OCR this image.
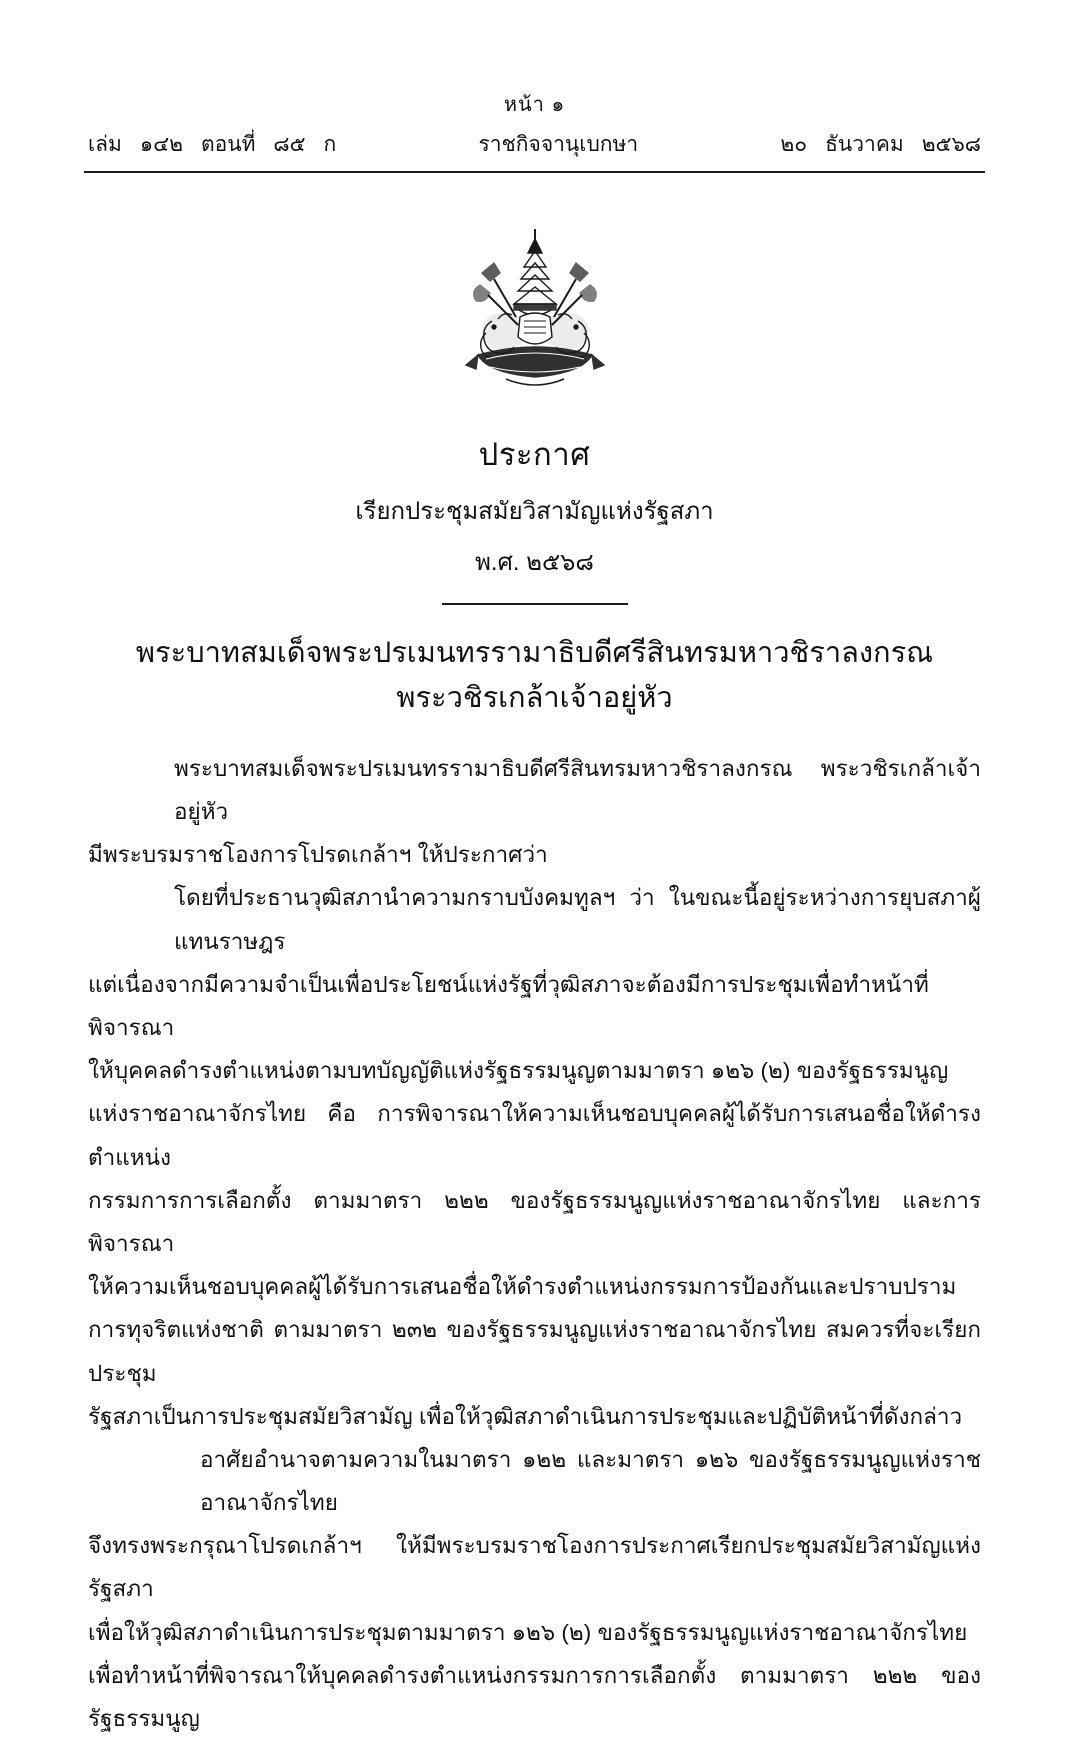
หน้า ๑
เล่ม ๑๔๒ ตอนที่ ๘๕ ก	ราชกิจจานุเบกษา	๒๐ ธันวาคม ๒๕๖๘
ประกาศ
เรียกประชุมสมัยวิสามัญแห่งรัฐสภา
พ.ศ. ๒๕๖๘
พระบาทสมเด็จพระปรเมนทรรามาธิบดีศรีสินทรมหาวชิราลงกรณ
พระวชิรเกล้าเจ้าอยู่หัว

พระบาทสมเด็จพระปรเมนทรรามาธิบดีศรีสินทรมหาวชิราลงกรณ พระวชิรเกล้าเจ้าอยู่หัว
มีพระบรมราชโองการโปรดเกล้าฯ ให้ประกาศว่า

โดยที่ประธานวุฒิสภานำความกราบบังคมทูลฯ ว่า ในขณะนี้อยู่ระหว่างการยุบสภาผู้แทนราษฎร
แต่เนื่องจากมีความจำเป็นเพื่อประโยชน์แห่งรัฐที่วุฒิสภาจะต้องมีการประชุมเพื่อทำหน้าที่พิจารณา
ให้บุคคลดำรงตำแหน่งตามบทบัญญัติแห่งรัฐธรรมนูญตามมาตรา ๑๒๖ (๒) ของรัฐธรรมนูญ
แห่งราชอาณาจักรไทย คือ การพิจารณาให้ความเห็นชอบบุคคลผู้ได้รับการเสนอชื่อให้ดำรงตำแหน่ง
กรรมการการเลือกตั้ง ตามมาตรา ๒๒๒ ของรัฐธรรมนูญแห่งราชอาณาจักรไทย และการพิจารณา
ให้ความเห็นชอบบุคคลผู้ได้รับการเสนอชื่อให้ดำรงตำแหน่งกรรมการป้องกันและปราบปราม
การทุจริตแห่งชาติ ตามมาตรา ๒๓๒ ของรัฐธรรมนูญแห่งราชอาณาจักรไทย สมควรที่จะเรียกประชุม
รัฐสภาเป็นการประชุมสมัยวิสามัญ เพื่อให้วุฒิสภาดำเนินการประชุมและปฏิบัติหน้าที่ดังกล่าว

อาศัยอำนาจตามความในมาตรา ๑๒๒ และมาตรา ๑๒๖ ของรัฐธรรมนูญแห่งราชอาณาจักรไทย
จึงทรงพระกรุณาโปรดเกล้าฯ ให้มีพระบรมราชโองการประกาศเรียกประชุมสมัยวิสามัญแห่งรัฐสภา
เพื่อให้วุฒิสภาดำเนินการประชุมตามมาตรา ๑๒๖ (๒) ของรัฐธรรมนูญแห่งราชอาณาจักรไทย
เพื่อทำหน้าที่พิจารณาให้บุคคลดำรงตำแหน่งกรรมการการเลือกตั้ง ตามมาตรา ๒๒๒ ของรัฐธรรมนูญ
